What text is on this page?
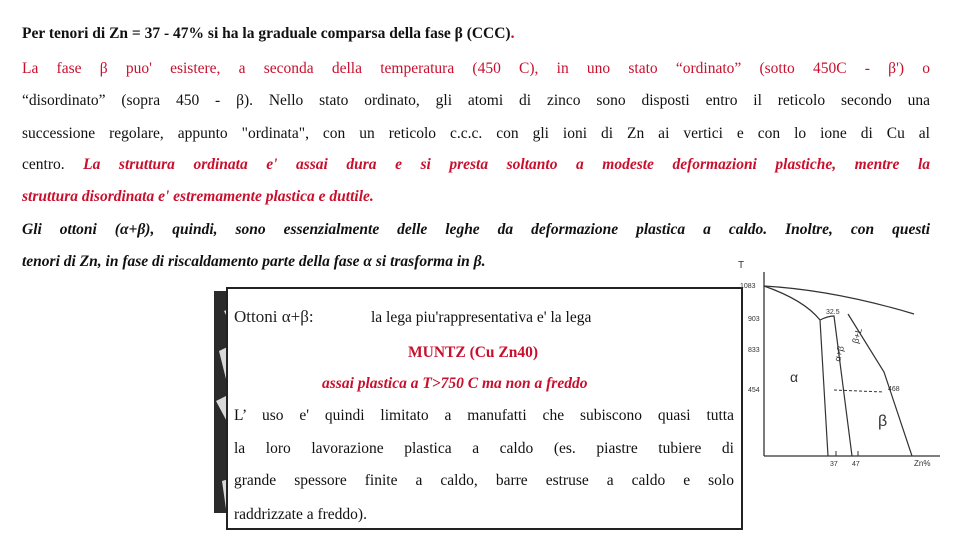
Per tenori di Zn = 37 - 47% si ha la graduale comparsa della fase β (CCC).
La fase β puo' esistere, a seconda della temperatura (450 C), in uno stato “ordinato” (sotto 450C - β') o
“disordinato” (sopra 450 - β). Nello stato ordinato, gli atomi di zinco sono disposti entro il reticolo secondo una
successione regolare, appunto "ordinata", con un reticolo c.c.c. con gli ioni di Zn ai vertici e con lo ione di Cu al
centro. La struttura ordinata e' assai dura e si presta soltanto a modeste deformazioni plastiche, mentre la
struttura disordinata e' estremamente plastica e duttile.
Gli ottoni (α+β), quindi, sono essenzialmente delle leghe da deformazione plastica a caldo. Inoltre, con questi
tenori di Zn, in fase di riscaldamento parte della fase α si trasforma in β.
Ottoni α+β:	la lega piu'rappresentativa e' la lega
MUNTZ (Cu Zn40)
assai plastica a T>750 C ma non a freddo
L’ uso e' quindi limitato a manufatti che subiscono quasi tutta
la loro lavorazione plastica a caldo (es. piastre tubiere di
grande spessore finite a caldo, barre estruse a caldo e solo
raddrizzate a freddo).
T
1083
903
833
454
32.5
468
α
α+β
β+L
β
37 47	Zn%
